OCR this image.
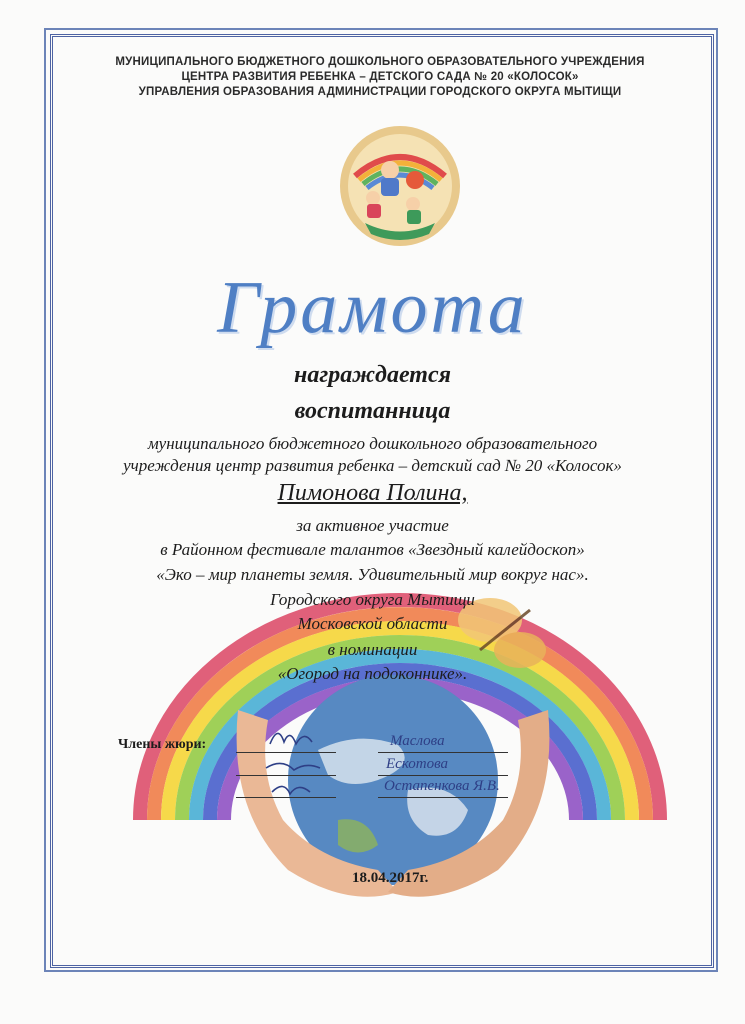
МУНИЦИПАЛЬНОГО БЮДЖЕТНОГО ДОШКОЛЬНОГО ОБРАЗОВАТЕЛЬНОГО УЧРЕЖДЕНИЯ
ЦЕНТРА РАЗВИТИЯ РЕБЕНКА – ДЕТСКОГО САДА № 20 «КОЛОСОК»
УПРАВЛЕНИЯ ОБРАЗОВАНИЯ АДМИНИСТРАЦИИ ГОРОДСКОГО ОКРУГА МЫТИЩИ
Грамота
награждается
воспитанница
муниципального бюджетного дошкольного образовательного
учреждения центр развития ребенка – детский сад № 20 «Колосок»
Пимонова Полина,
за активное участие
в Районном фестивале талантов «Звездный калейдоскоп»
«Эко – мир планеты земля. Удивительный мир вокруг нас».
Городского округа Мытищи
Московской области
в номинации
«Огород на подоконнике».
Члены жюри:	Масловa
Ескотова
Остапенкова Я.В.
18.04.2017г.
